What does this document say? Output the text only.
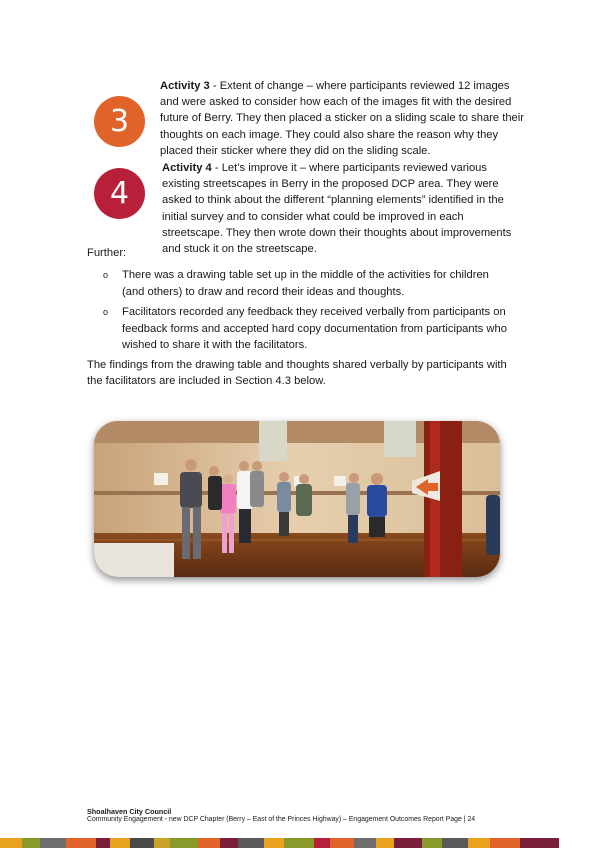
3
Activity 3 - Extent of change – where participants reviewed 12 images and were asked to consider how each of the images fit with the desired future of Berry. They then placed a sticker on a sliding scale to share their thoughts on each image. They could also share the reason why they placed their sticker where they did on the sliding scale.
4
Activity 4 - Let’s improve it – where participants reviewed various existing streetscapes in Berry in the proposed DCP area. They were asked to think about the different “planning elements” identified in the initial survey and to consider what could be improved in each streetscape. They then wrote down their thoughts about improvements and stuck it on the streetscape.
Further:
o There was a drawing table set up in the middle of the activities for children (and others) to draw and record their ideas and thoughts.
o Facilitators recorded any feedback they received verbally from participants on feedback forms and accepted hard copy documentation from participants who wished to share it with the facilitators.
The findings from the drawing table and thoughts shared verbally by participants with the facilitators are included in Section 4.3 below.
Shoalhaven City Council
Community Engagement - new DCP Chapter (Berry – East of the Princes Highway) – Engagement Outcomes Report Page | 24
